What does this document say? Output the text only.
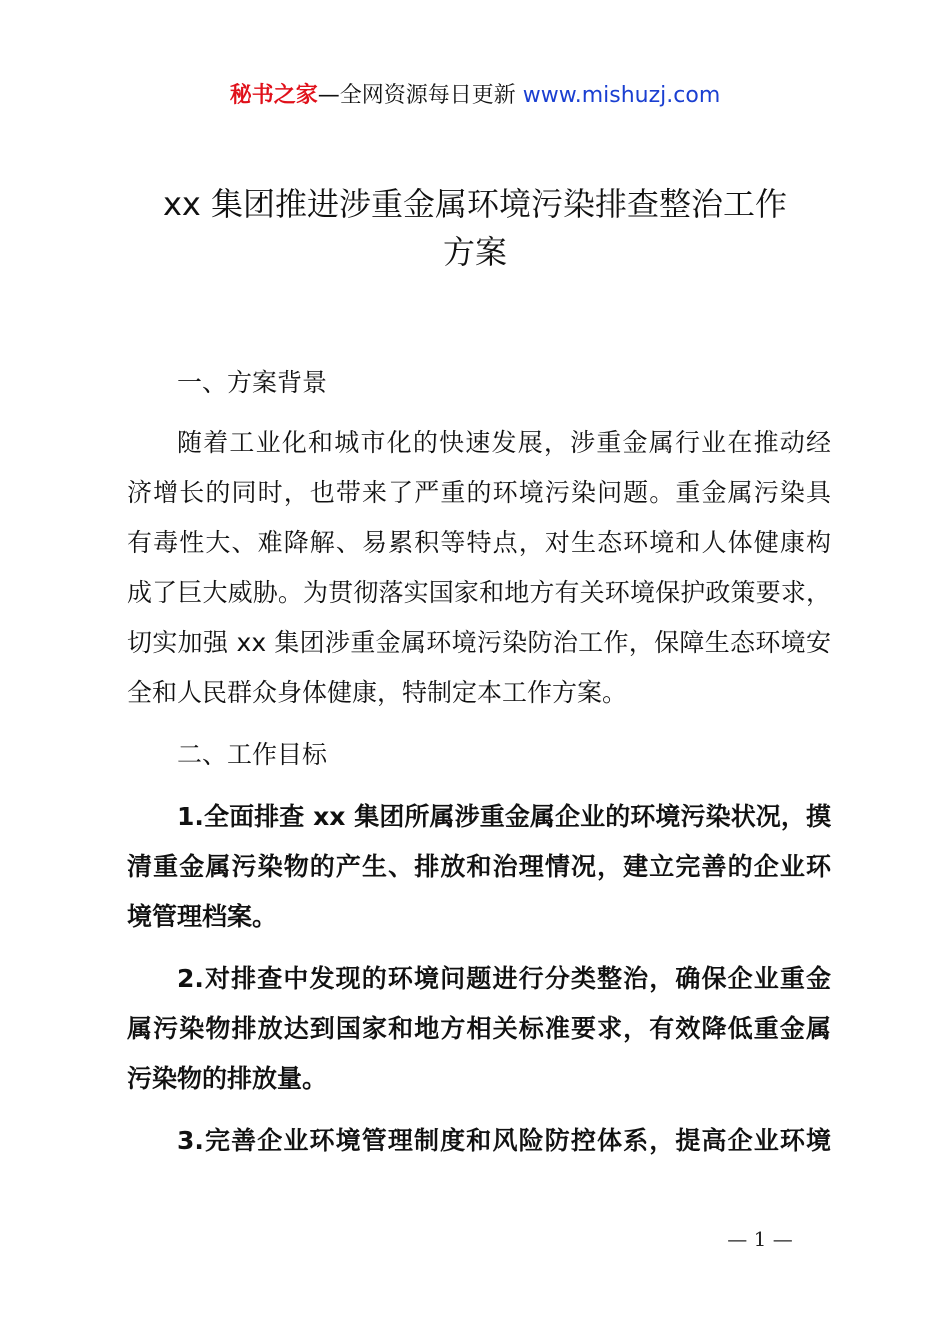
秘书之家—全网资源每日更新 www.mishuzj.com
xx 集团推进涉重金属环境污染排查整治工作
方案
一、方案背景
随着工业化和城市化的快速发展，涉重金属行业在推动经
济增长的同时，也带来了严重的环境污染问题。重金属污染具
有毒性大、难降解、易累积等特点，对生态环境和人体健康构
成了巨大威胁。为贯彻落实国家和地方有关环境保护政策要求，
切实加强 xx 集团涉重金属环境污染防治工作，保障生态环境安
全和人民群众身体健康，特制定本工作方案。
二、工作目标
1.全面排查 xx 集团所属涉重金属企业的环境污染状况，摸
清重金属污染物的产生、排放和治理情况，建立完善的企业环
境管理档案。
2.对排查中发现的环境问题进行分类整治，确保企业重金
属污染物排放达到国家和地方相关标准要求，有效降低重金属
污染物的排放量。
3.完善企业环境管理制度和风险防控体系，提高企业环境
— 1 —
